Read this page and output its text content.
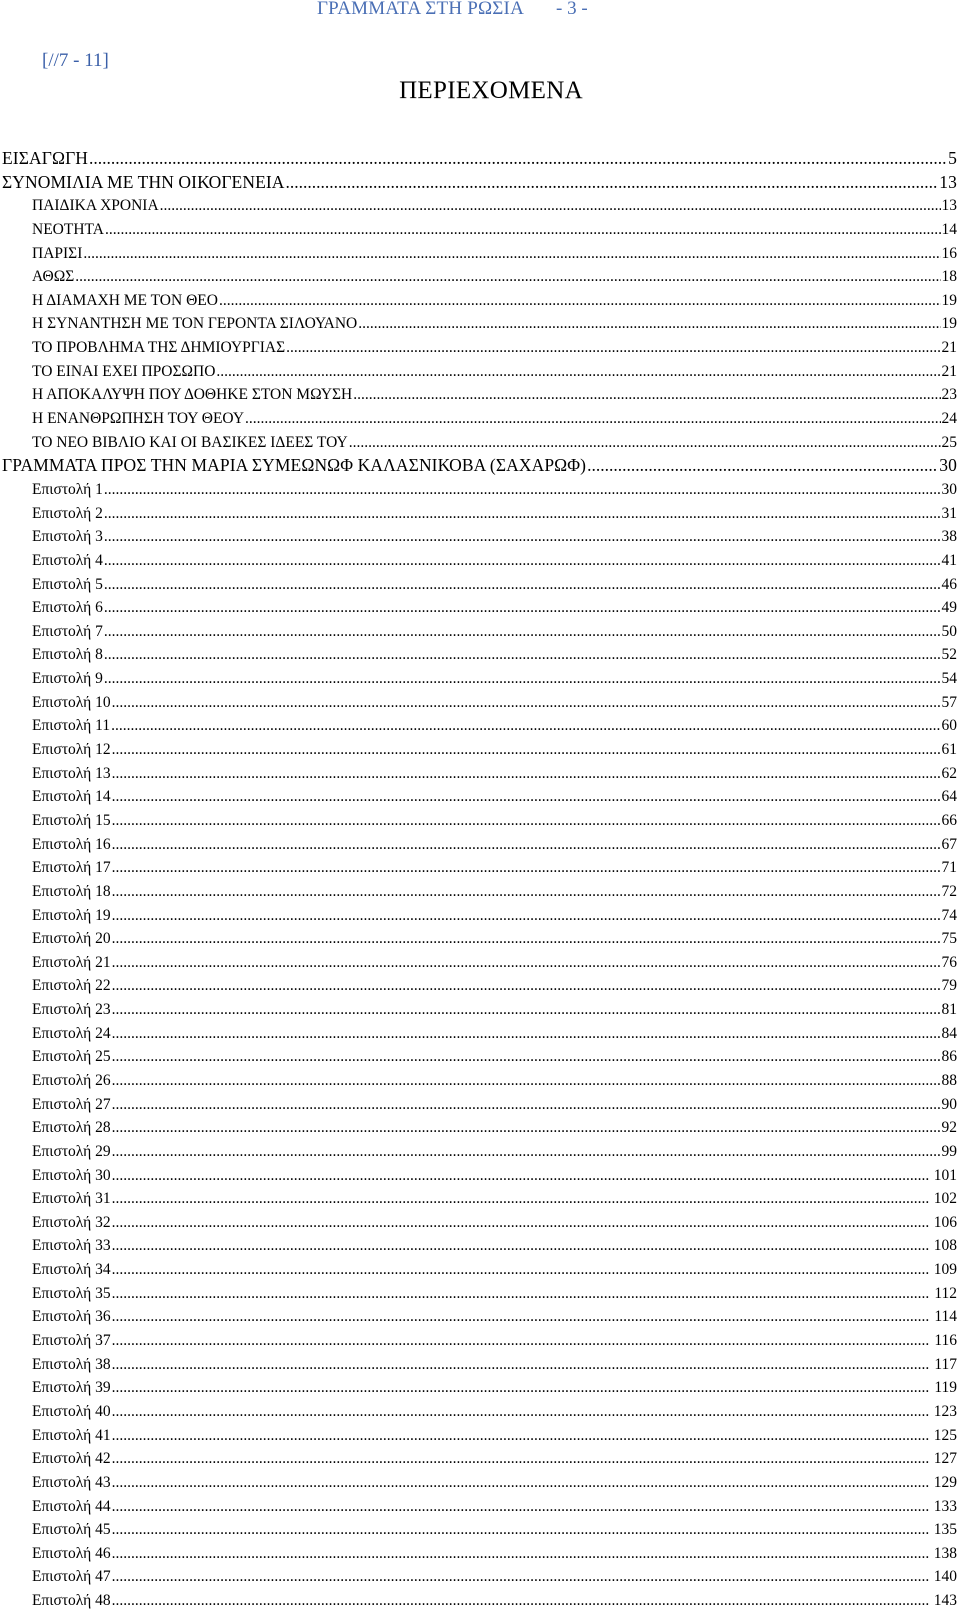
ΓΡΑΜΜΑΤΑ ΣΤΗ ΡΩΣΙΑ - 3 -
[//7 - 11]
ΠΕΡΙΕΧΟΜΕΝΑ
ΕΙΣΑΓΩΓΗ .....	5
ΣΥΝΟΜΙΛΙΑ ΜΕ ΤΗΝ ΟΙΚΟΓΕΝΕΙΑ .....	13
ΠΑΙΔΙΚΑ ΧΡΟΝΙΑ .....	13
ΝΕΟΤΗΤΑ .....	14
ΠΑΡΙΣΙ .....	16
ΑΘΩΣ .....	18
Η ΔΙΑΜΑΧΗ ΜΕ ΤΟΝ ΘΕΟ .....	19
Η ΣΥΝΑΝΤΗΣΗ ΜΕ ΤΟΝ ΓΕΡΟΝΤΑ ΣΙΛΟΥΑΝΟ .....	19
ΤΟ ΠΡΟΒΛΗΜΑ ΤΗΣ ΔΗΜΙΟΥΡΓΙΑΣ .....	21
ΤΟ ΕΙΝΑΙ ΕΧΕΙ ΠΡΟΣΩΠΟ .....	21
Η ΑΠΟΚΑΛΥΨΗ ΠΟΥ ΔΟΘΗΚΕ ΣΤΟΝ ΜΩΥΣΗ .....	23
Η ΕΝΑΝΘΡΩΠΗΣΗ ΤΟΥ ΘΕΟΥ .....	24
ΤΟ ΝΕΟ ΒΙΒΛΙΟ ΚΑΙ ΟΙ ΒΑΣΙΚΕΣ ΙΔΕΕΣ ΤΟΥ .....	25
ΓΡΑΜΜΑΤΑ ΠΡΟΣ ΤΗΝ ΜΑΡΙΑ ΣΥΜΕΩΝΩΦ ΚΑΛΑΣΝΙΚΟΒΑ (ΣΑΧΑΡΩΦ) .....	30
Επιστολή 1 .....	30
Επιστολή 2 .....	31
Επιστολή 3 .....	38
Επιστολή 4 .....	41
Επιστολή 5 .....	46
Επιστολή 6 .....	49
Επιστολή 7 .....	50
Επιστολή 8 .....	52
Επιστολή 9 .....	54
Επιστολή 10 .....	57
Επιστολή 11 .....	60
Επιστολή 12 .....	61
Επιστολή 13 .....	62
Επιστολή 14 .....	64
Επιστολή 15 .....	66
Επιστολή 16 .....	67
Επιστολή 17 .....	71
Επιστολή 18 .....	72
Επιστολή 19 .....	74
Επιστολή 20 .....	75
Επιστολή 21 .....	76
Επιστολή 22 .....	79
Επιστολή 23 .....	81
Επιστολή 24 .....	84
Επιστολή 25 .....	86
Επιστολή 26 .....	88
Επιστολή 27 .....	90
Επιστολή 28 .....	92
Επιστολή 29 .....	99
Επιστολή 30 .....	101
Επιστολή 31 .....	102
Επιστολή 32 .....	106
Επιστολή 33 .....	108
Επιστολή 34 .....	109
Επιστολή 35 .....	112
Επιστολή 36 .....	114
Επιστολή 37 .....	116
Επιστολή 38 .....	117
Επιστολή 39 .....	119
Επιστολή 40 .....	123
Επιστολή 41 .....	125
Επιστολή 42 .....	127
Επιστολή 43 .....	129
Επιστολή 44 .....	133
Επιστολή 45 .....	135
Επιστολή 46 .....	138
Επιστολή 47 .....	140
Επιστολή 48 .....	143
